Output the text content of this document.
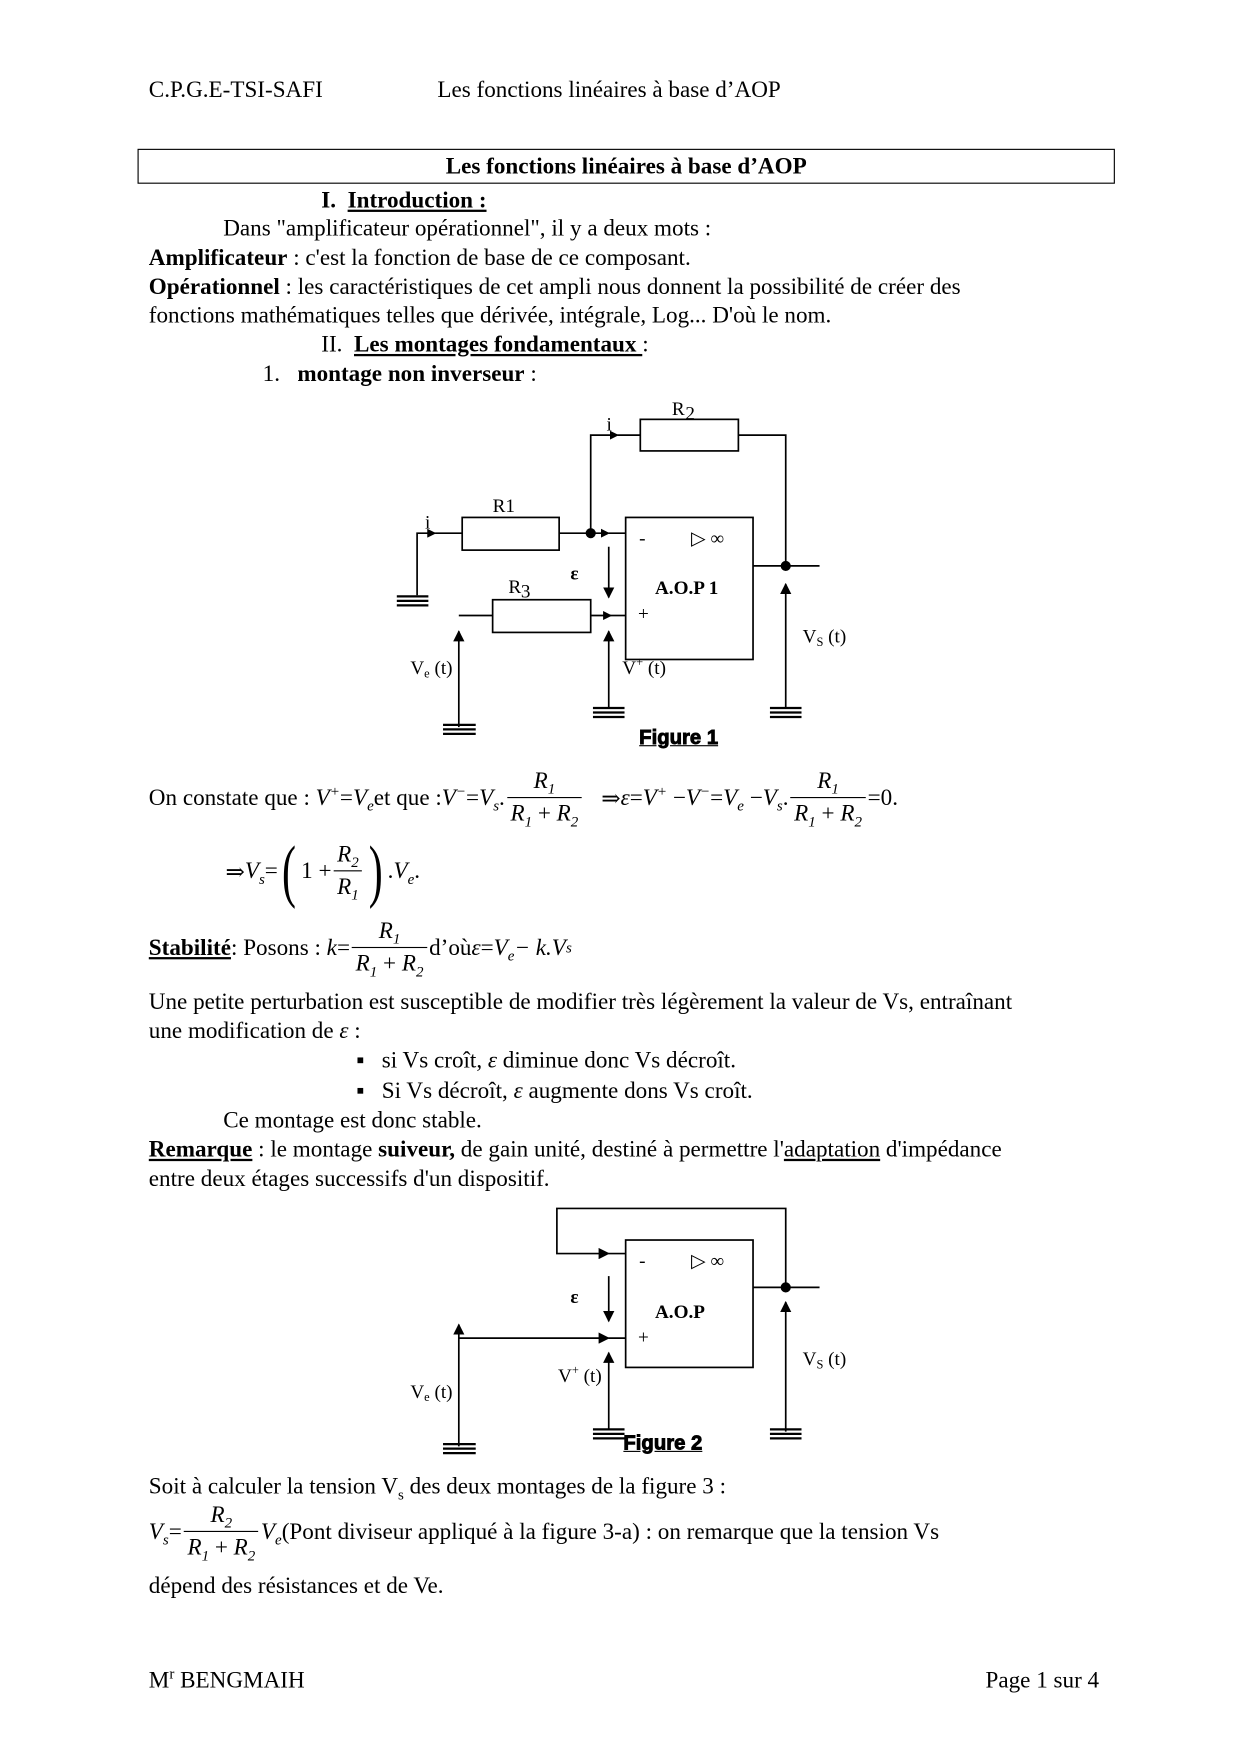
C.P.G.E-TSI-SAFI	Les fonctions linéaires à base d’AOP
Les fonctions linéaires à base d’AOP
I. Introduction :
Dans "amplificateur opérationnel", il y a deux mots :
Amplificateur : c'est la fonction de base de ce composant.
Opérationnel : les caractéristiques de cet ampli nous donnent la possibilité de créer des
fonctions mathématiques telles que dérivée, intégrale, Log... D'où le nom.
II. Les montages fondamentaux :
1. montage non inverseur :
R 2
i
i
R1
R 3
ε
-	▷ ∞
A.O.P 1
+
VS (t)
Ve (t)	V+ (t)
ε
-	▷ ∞
A.O.P
+
VS (t)
Ve (t)
V+ (t)
Figure 1
Figure 2
On constate que :
$V^+ = V_e$ et que : $V^- = V_s$ . $\frac{R_1}{R_1 + R_2}$
⇒ ε = V+
− $V^- = V_e$
− $V_s$ . $\frac{R_1}{R_1 + R_2} =0$.
⇒ $V_s$ = ( $1 + \frac{R_2}{R_1}$ ) . $V_e$ .
Stabilité : Posons :
$k = \frac{R_1}{R_1 + R_2}$ d’où $\varepsilon = V_e - k.V$ s
Une petite perturbation est susceptible de modifier très légèrement la valeur de Vs, entraînant
une modification de ε :
▪ si Vs croît, ε diminue donc Vs décroît.
▪ Si Vs décroît, ε augmente dons Vs croît.
Ce montage est donc stable.
Remarque : le montage suiveur, de gain unité, destiné à permettre l'adaptation d'impédance
entre deux étages successifs d'un dispositif.
Soit à calculer la tension $V_s$ des deux montages de la figure 3 :
$V_s = \frac{R_2}{R_1 + R_2} V_e$ (Pont diviseur appliqué à la figure 3-a) : on remarque que la tension Vs
dépend des résistances et de Ve.
$M^r$ BENGMAIH	Page 1 sur 4
